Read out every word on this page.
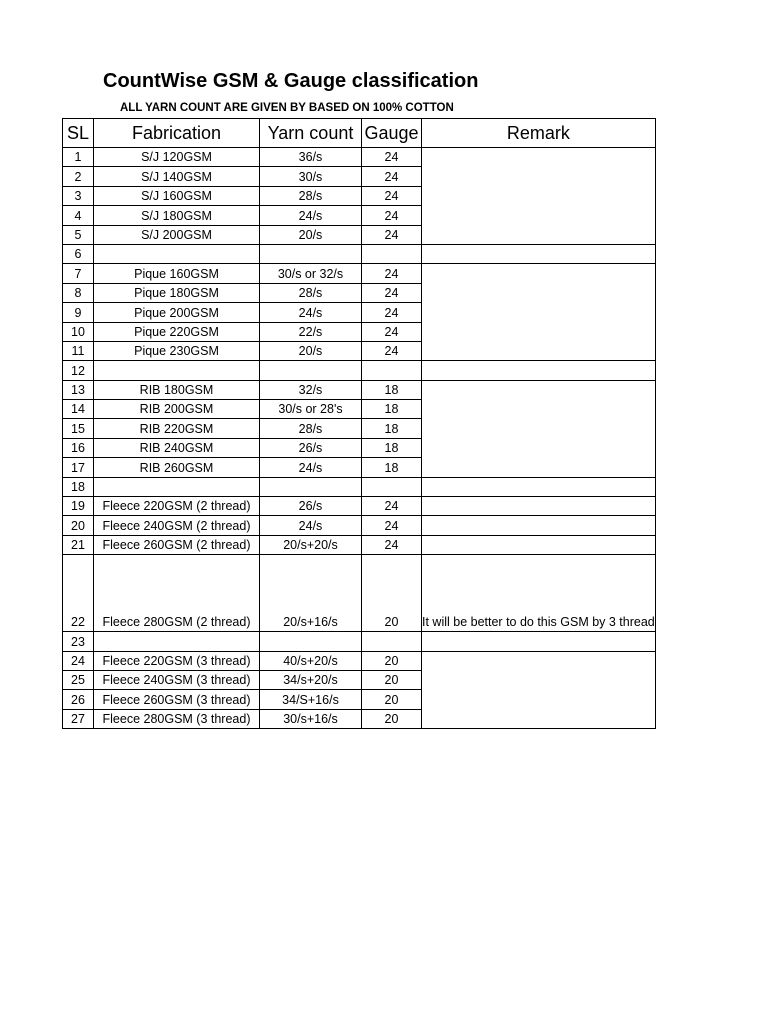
CountWise GSM & Gauge classification
ALL YARN COUNT ARE GIVEN BY BASED ON 100% COTTON
SL	Fabrication	Yarn count	Gauge	Remark
1	S/J 120GSM	36/s	24	
2	S/J 140GSM	30/s	24	
3	S/J 160GSM	28/s	24	
4	S/J 180GSM	24/s	24	
5	S/J 200GSM	20/s	24	
6				
7	Pique 160GSM	30/s or 32/s	24	
8	Pique 180GSM	28/s	24	
9	Pique 200GSM	24/s	24	
10	Pique 220GSM	22/s	24	
11	Pique 230GSM	20/s	24	
12				
13	RIB 180GSM	32/s	18	
14	RIB 200GSM	30/s or 28's	18	
15	RIB 220GSM	28/s	18	
16	RIB 240GSM	26/s	18	
17	RIB 260GSM	24/s	18	
18				
19	Fleece 220GSM (2 thread)	26/s	24	
20	Fleece 240GSM (2 thread)	24/s	24	
21	Fleece 260GSM (2 thread)	20/s+20/s	24	
22	Fleece 280GSM (2 thread)	20/s+16/s	20	It will be better to do this GSM by 3 thread
23				
24	Fleece 220GSM (3 thread)	40/s+20/s	20	
25	Fleece 240GSM (3 thread)	34/s+20/s	20	
26	Fleece 260GSM (3 thread)	34/S+16/s	20	
27	Fleece 280GSM (3 thread)	30/s+16/s	20	
